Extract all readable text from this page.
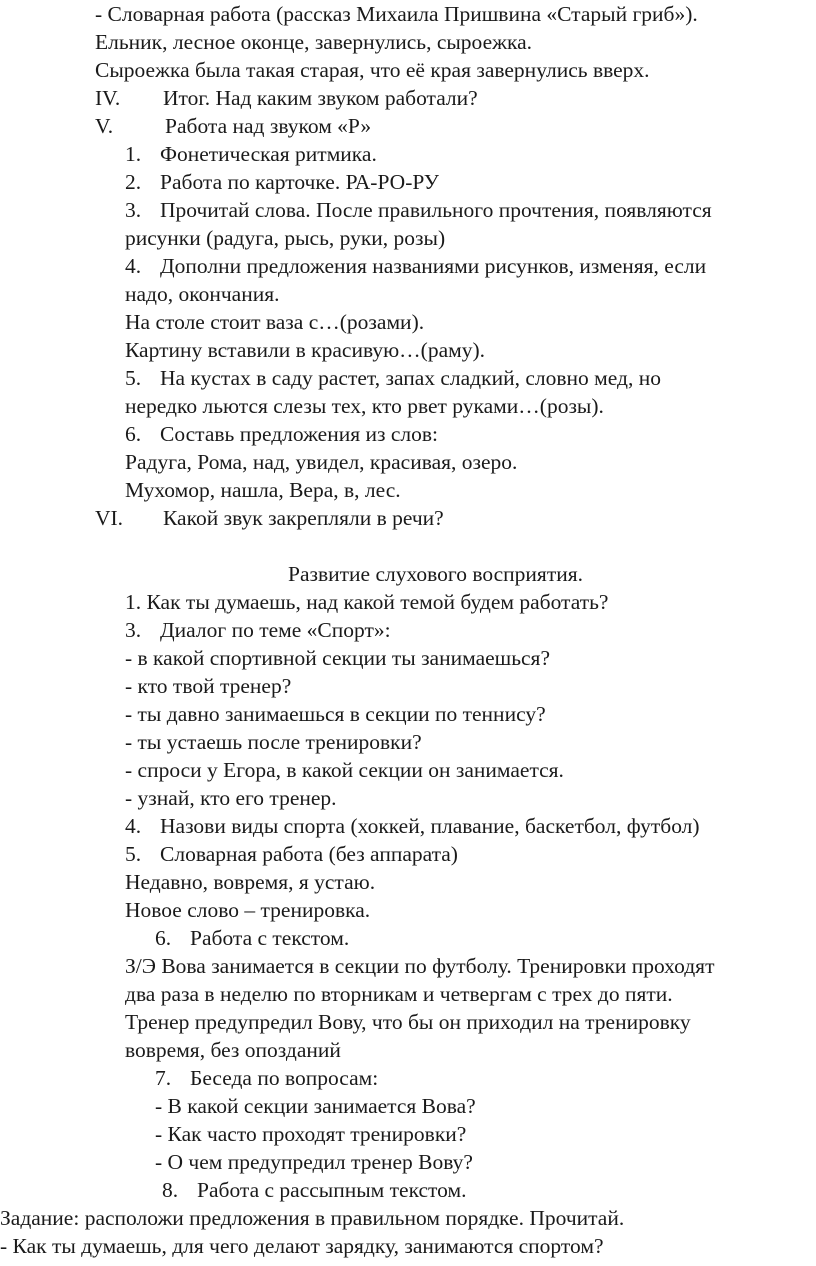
- Словарная работа (рассказ Михаила Пришвина «Старый гриб»).
Ельник, лесное оконце, завернулись, сыроежка.
Сыроежка была такая старая, что её края завернулись вверх.
IV. Итог. Над каким звуком работали?
V. Работа над звуком «Р»
1. Фонетическая ритмика.
2. Работа по карточке. РА-РО-РУ
3. Прочитай слова. После правильного прочтения, появляются
рисунки (радуга, рысь, руки, розы)
4. Дополни предложения названиями рисунков, изменяя, если
надо, окончания.
На столе стоит ваза с…(розами).
Картину вставили в красивую…(раму).
5. На кустах в саду растет, запах сладкий, словно мед, но
нередко льются слезы тех, кто рвет руками…(розы).
6. Составь предложения из слов:
Радуга, Рома, над, увидел, красивая, озеро.
Мухомор, нашла, Вера, в, лес.
VI. Какой звук закрепляли в речи?
Развитие слухового восприятия.
1. Как ты думаешь, над какой темой будем работать?
3. Диалог по теме «Спорт»:
- в какой спортивной секции ты занимаешься?
- кто твой тренер?
- ты давно занимаешься в секции по теннису?
- ты устаешь после тренировки?
- спроси у Егора, в какой секции он занимается.
- узнай, кто его тренер.
4. Назови виды спорта (хоккей, плавание, баскетбол, футбол)
5. Словарная работа (без аппарата)
Недавно, вовремя, я устаю.
Новое слово – тренировка.
6. Работа с текстом.
З/Э Вова занимается в секции по футболу. Тренировки проходят
два раза в неделю по вторникам и четвергам с трех до пяти.
Тренер предупредил Вову, что бы он приходил на тренировку
вовремя, без опозданий
7. Беседа по вопросам:
- В какой секции занимается Вова?
- Как часто проходят тренировки?
- О чем предупредил тренер Вову?
8. Работа с рассыпным текстом.
Задание: расположи предложения в правильном порядке. Прочитай.
- Как ты думаешь, для чего делают зарядку, занимаются спортом?
